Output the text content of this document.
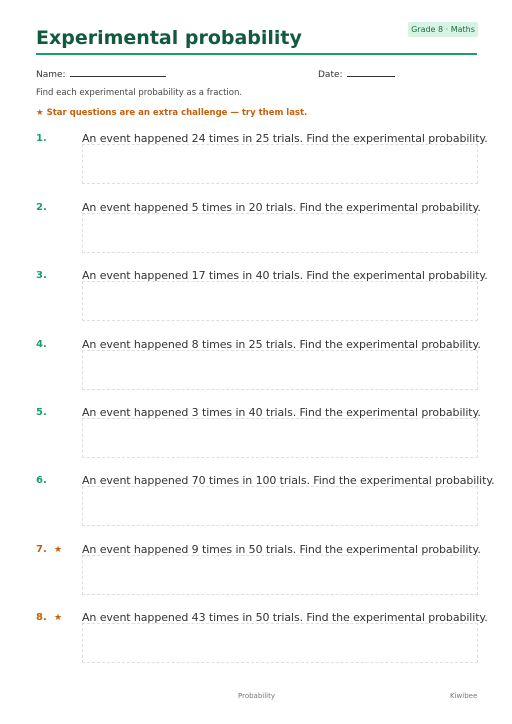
Grade 8 · Maths
Experimental probability
Name:	Date:
Find each experimental probability as a fraction.
★ Star questions are an extra challenge — try them last.
1.	An event happened 24 times in 25 trials. Find the experimental probability.
2.	An event happened 5 times in 20 trials. Find the experimental probability.
3.	An event happened 17 times in 40 trials. Find the experimental probability.
4.	An event happened 8 times in 25 trials. Find the experimental probability.
5.	An event happened 3 times in 40 trials. Find the experimental probability.
6.	An event happened 70 times in 100 trials. Find the experimental probability.
7. ★ An event happened 9 times in 50 trials. Find the experimental probability.
8. ★ An event happened 43 times in 50 trials. Find the experimental probability.
Probability	Kiwibee
